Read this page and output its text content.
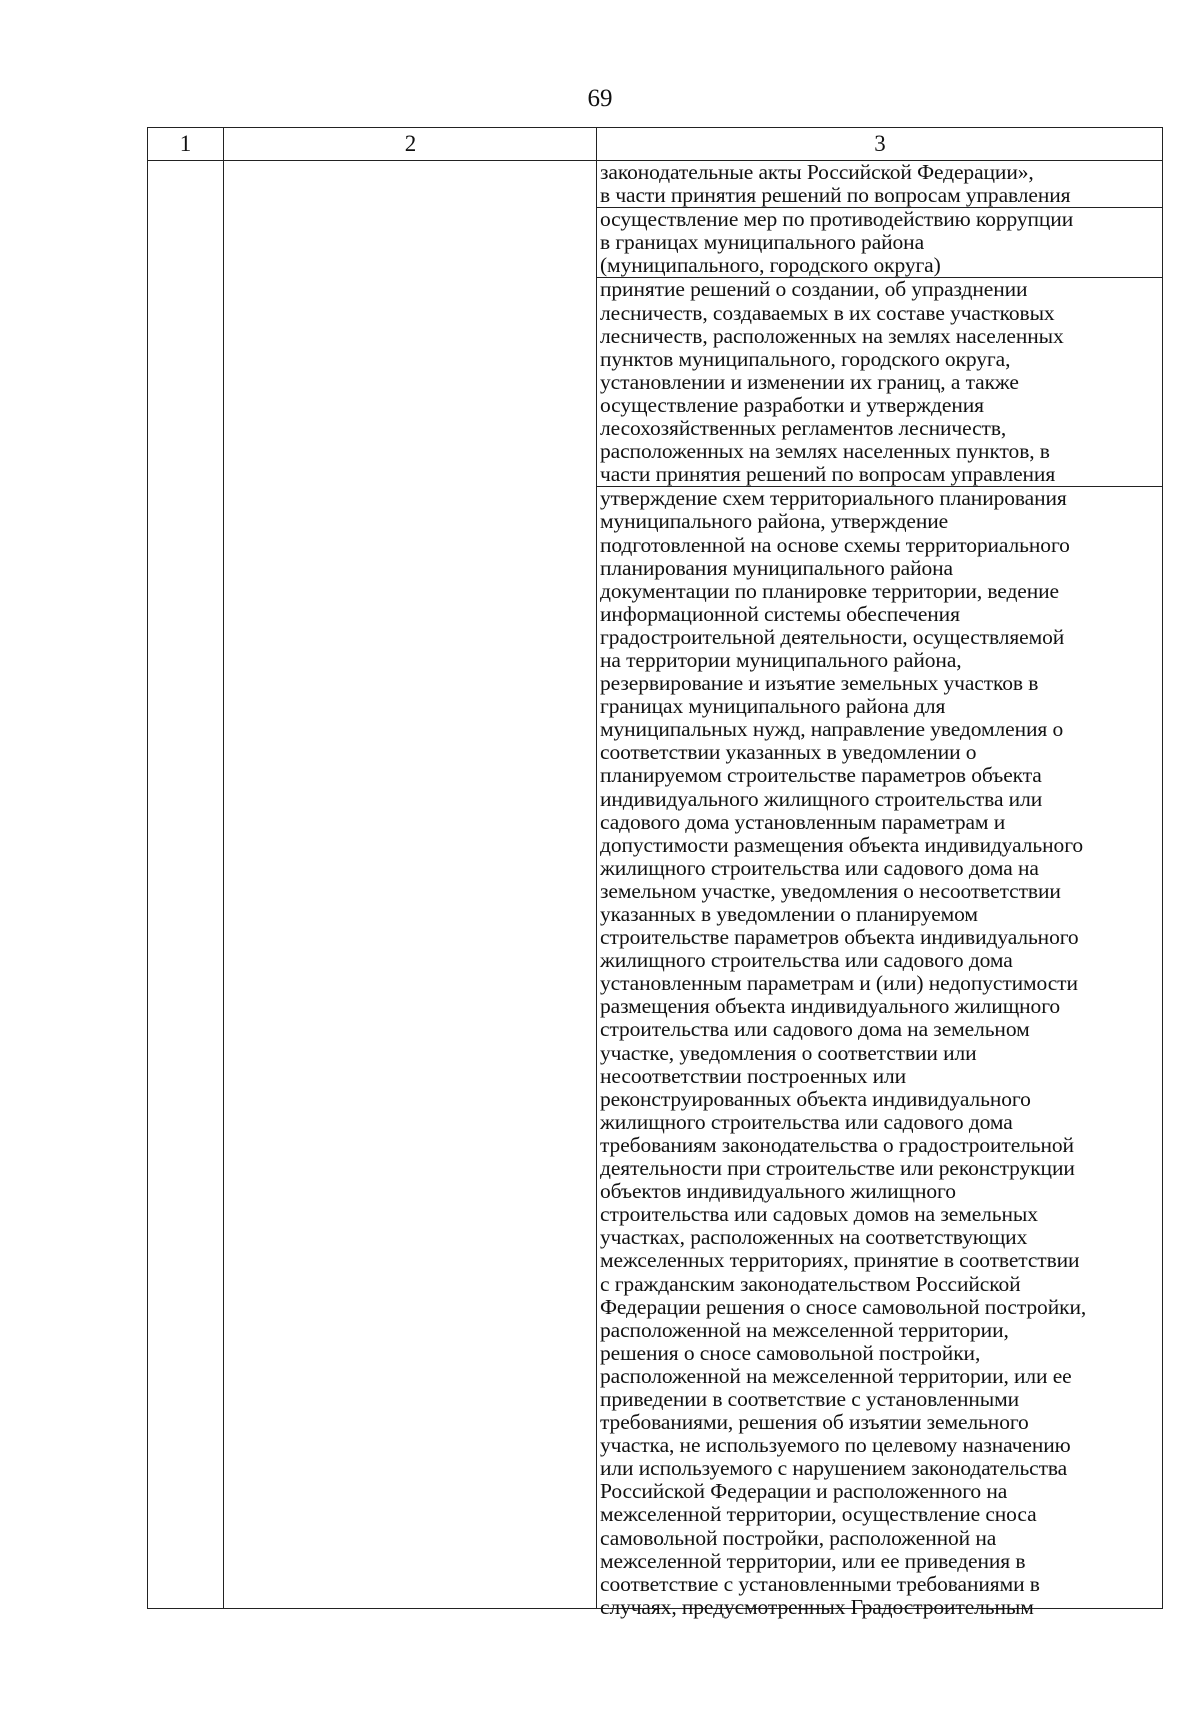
69
1	2	3
законодательные акты Российской Федерации»,
в части принятия решений по вопросам управления
осуществление мер по противодействию коррупции
в границах муниципального района
(муниципального, городского округа)
принятие решений о создании, об упразднении
лесничеств, создаваемых в их составе участковых
лесничеств, расположенных на землях населенных
пунктов муниципального, городского округа,
установлении и изменении их границ, а также
осуществление разработки и утверждения
лесохозяйственных регламентов лесничеств,
расположенных на землях населенных пунктов, в
части принятия решений по вопросам управления
утверждение схем территориального планирования
муниципального района, утверждение
подготовленной на основе схемы территориального
планирования муниципального района
документации по планировке территории, ведение
информационной системы обеспечения
градостроительной деятельности, осуществляемой
на территории муниципального района,
резервирование и изъятие земельных участков в
границах муниципального района для
муниципальных нужд, направление уведомления о
соответствии указанных в уведомлении о
планируемом строительстве параметров объекта
индивидуального жилищного строительства или
садового дома установленным параметрам и
допустимости размещения объекта индивидуального
жилищного строительства или садового дома на
земельном участке, уведомления о несоответствии
указанных в уведомлении о планируемом
строительстве параметров объекта индивидуального
жилищного строительства или садового дома
установленным параметрам и (или) недопустимости
размещения объекта индивидуального жилищного
строительства или садового дома на земельном
участке, уведомления о соответствии или
несоответствии построенных или
реконструированных объекта индивидуального
жилищного строительства или садового дома
требованиям законодательства о градостроительной
деятельности при строительстве или реконструкции
объектов индивидуального жилищного
строительства или садовых домов на земельных
участках, расположенных на соответствующих
межселенных территориях, принятие в соответствии
с гражданским законодательством Российской
Федерации решения о сносе самовольной постройки,
расположенной на межселенной территории,
решения о сносе самовольной постройки,
расположенной на межселенной территории, или ее
приведении в соответствие с установленными
требованиями, решения об изъятии земельного
участка, не используемого по целевому назначению
или используемого с нарушением законодательства
Российской Федерации и расположенного на
межселенной территории, осуществление сноса
самовольной постройки, расположенной на
межселенной территории, или ее приведения в
соответствие с установленными требованиями в
случаях, предусмотренных Градостроительным
